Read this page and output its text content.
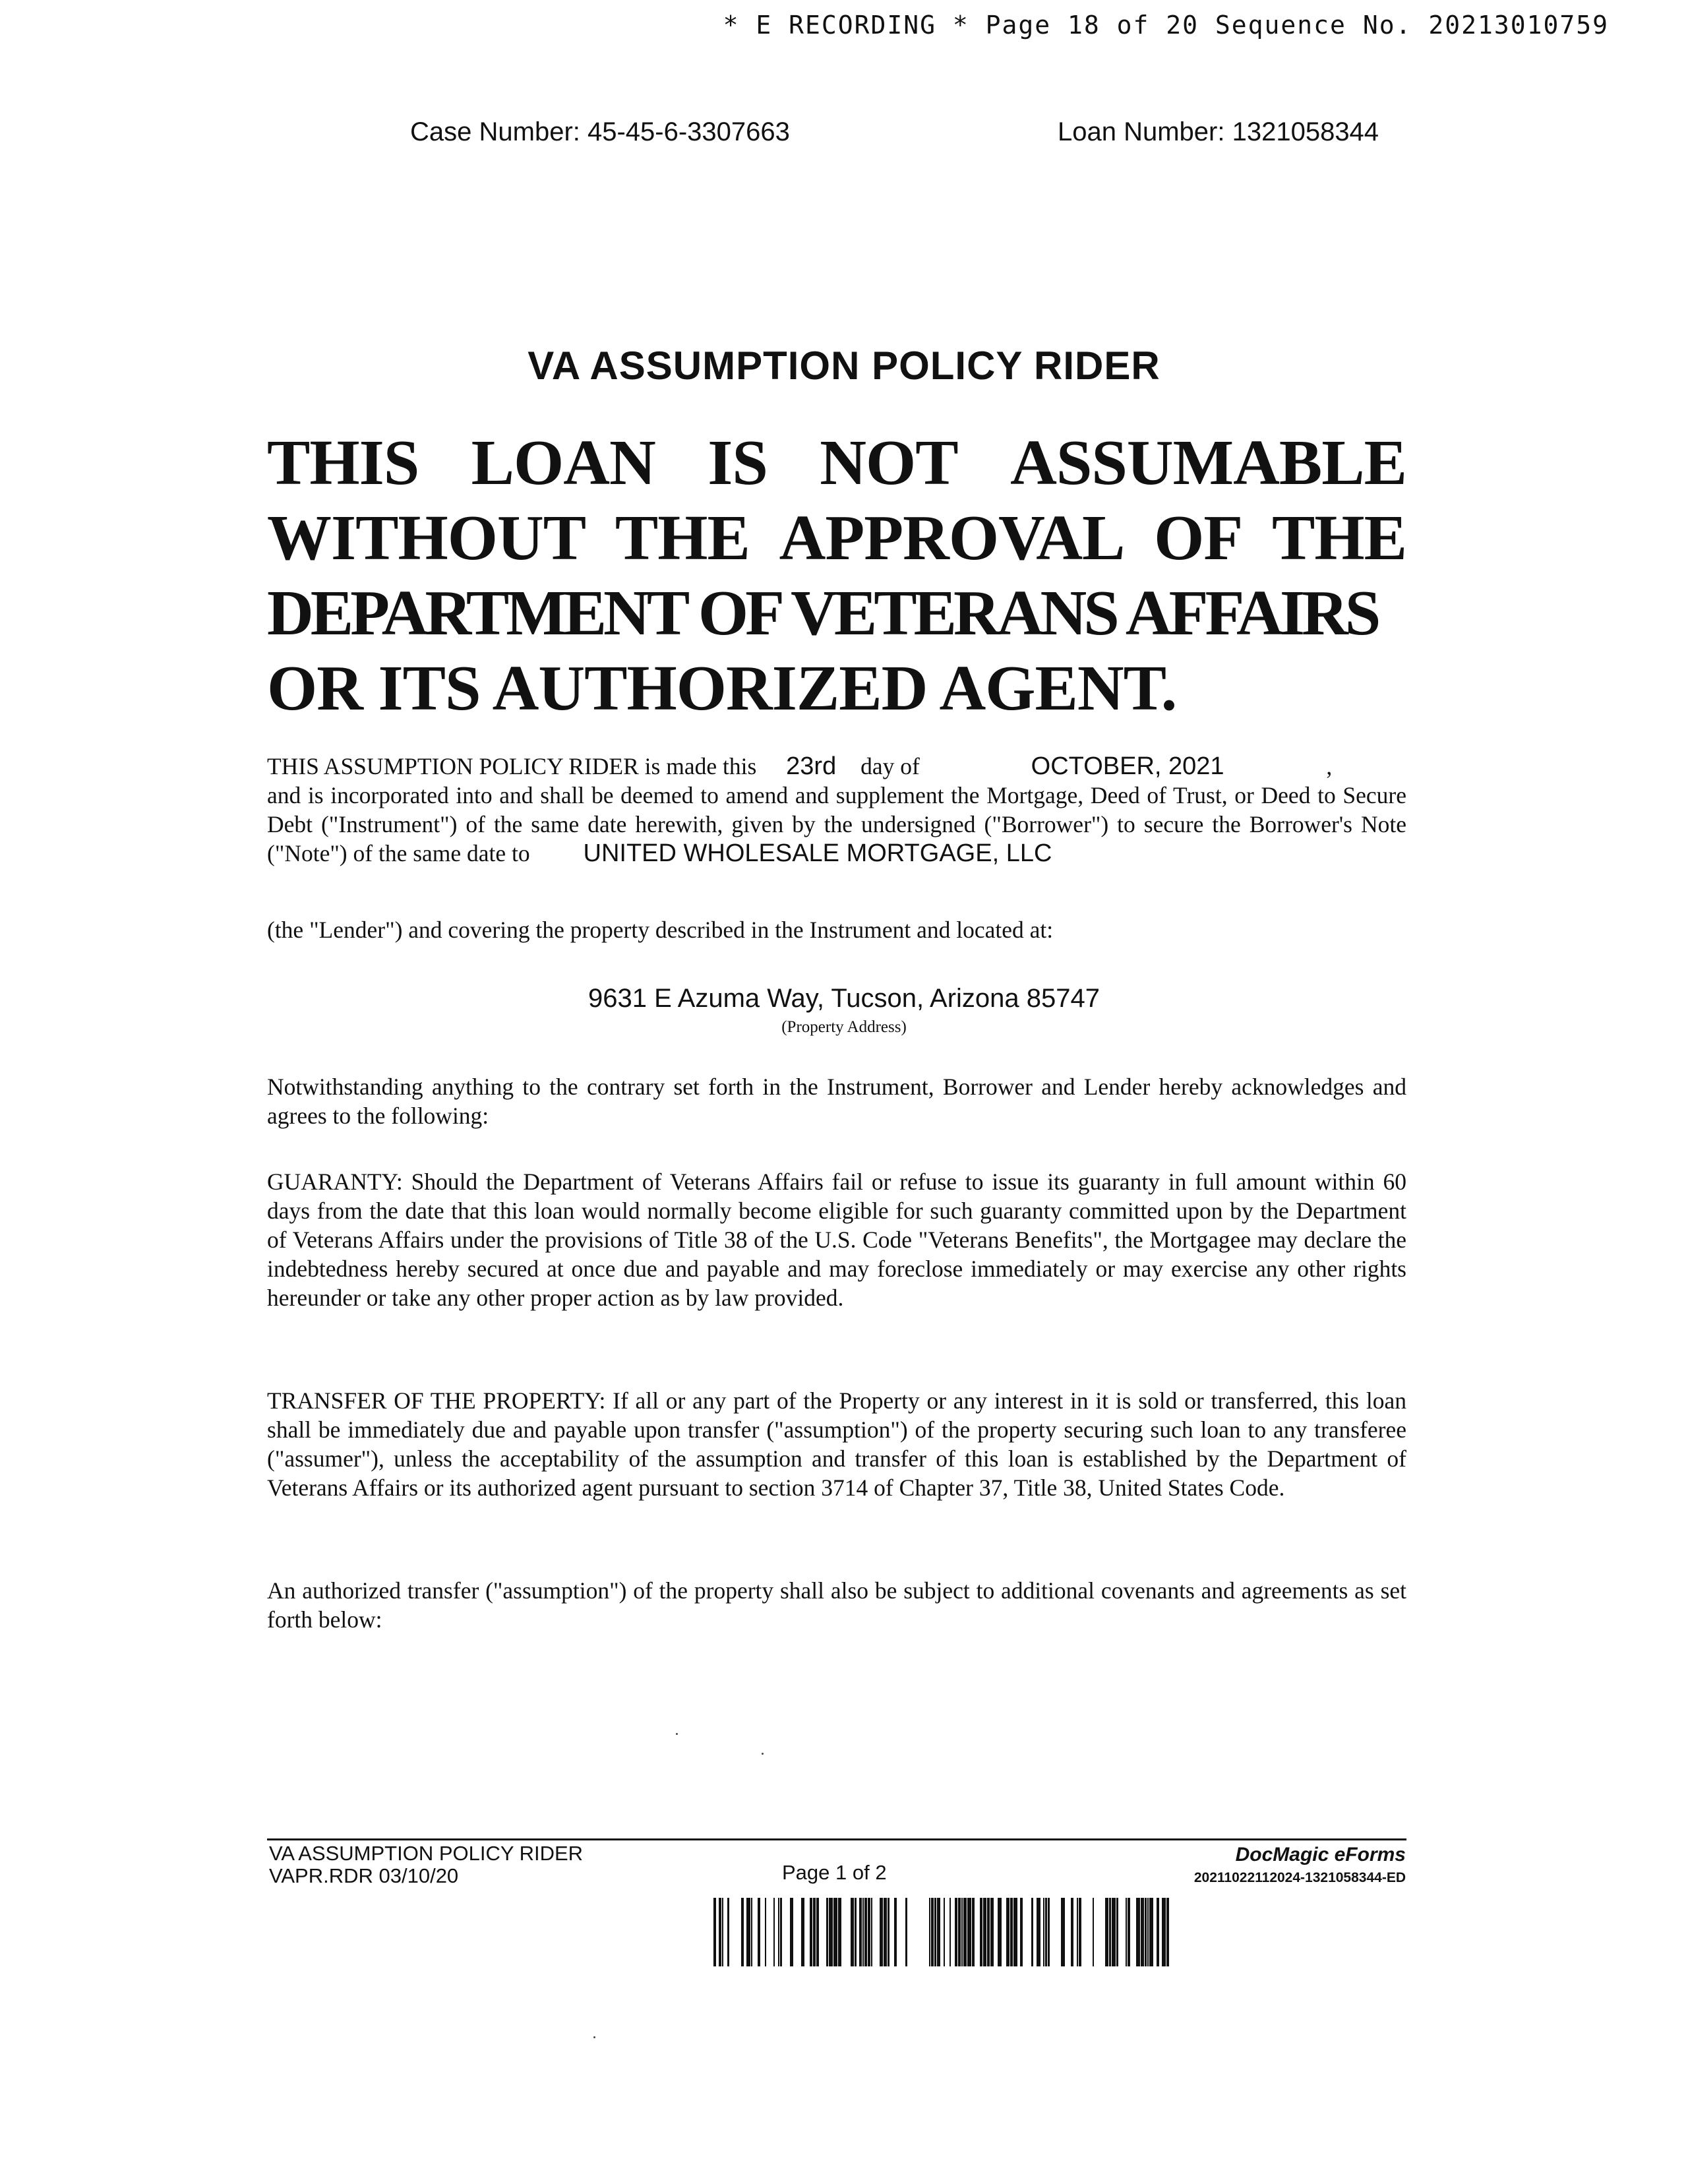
* E RECORDING * Page 18 of 20 Sequence No. 20213010759
Case Number: 45-45-6-3307663	Loan Number: 1321058344
VA ASSUMPTION POLICY RIDER
THIS LOAN IS NOT ASSUMABLE
WITHOUT THE APPROVAL OF THE
DEPARTMENT OF VETERANS AFFAIRS
OR ITS AUTHORIZED AGENT.
THIS ASSUMPTION POLICY RIDER is made this 23rd day of	OCTOBER, 2021	,
and is incorporated into and shall be deemed to amend and supplement the Mortgage, Deed of Trust, or Deed to Secure Debt ("Instrument") of the same date herewith, given by the undersigned ("Borrower") to secure the Borrower's Note ("Note") of the same date to UNITED WHOLESALE MORTGAGE, LLC
(the "Lender") and covering the property described in the Instrument and located at:
9631 E Azuma Way, Tucson, Arizona 85747
(Property Address)
Notwithstanding anything to the contrary set forth in the Instrument, Borrower and Lender hereby acknowledges and agrees to the following:
GUARANTY: Should the Department of Veterans Affairs fail or refuse to issue its guaranty in full amount within 60 days from the date that this loan would normally become eligible for such guaranty committed upon by the Department of Veterans Affairs under the provisions of Title 38 of the U.S. Code "Veterans Benefits", the Mortgagee may declare the indebtedness hereby secured at once due and payable and may foreclose immediately or may exercise any other rights hereunder or take any other proper action as by law provided.
TRANSFER OF THE PROPERTY: If all or any part of the Property or any interest in it is sold or transferred, this loan shall be immediately due and payable upon transfer ("assumption") of the property securing such loan to any transferee ("assumer"), unless the acceptability of the assumption and transfer of this loan is established by the Department of Veterans Affairs or its authorized agent pursuant to section 3714 of Chapter 37, Title 38, United States Code.
An authorized transfer ("assumption") of the property shall also be subject to additional covenants and agreements as set forth below:
VA ASSUMPTION POLICY RIDER
VAPR.RDR 03/10/20	Page 1 of 2
DocMagic eForms
20211022112024-1321058344-ED
